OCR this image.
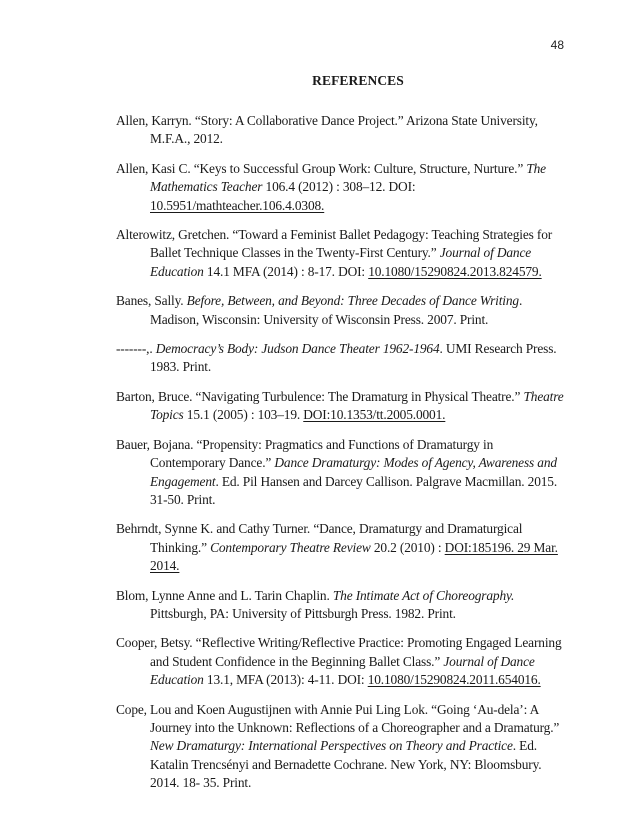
48
REFERENCES
Allen, Karryn. “Story: A Collaborative Dance Project.” Arizona State University, M.F.A., 2012.
Allen, Kasi C. “Keys to Successful Group Work: Culture, Structure, Nurture.” The Mathematics Teacher 106.4 (2012) : 308–12. DOI: 10.5951/mathteacher.106.4.0308.
Alterowitz, Gretchen. “Toward a Feminist Ballet Pedagogy: Teaching Strategies for Ballet Technique Classes in the Twenty-First Century.” Journal of Dance Education 14.1 MFA (2014) : 8-17. DOI: 10.1080/15290824.2013.824579.
Banes, Sally. Before, Between, and Beyond: Three Decades of Dance Writing. Madison, Wisconsin: University of Wisconsin Press. 2007. Print.
-------,. Democracy’s Body: Judson Dance Theater 1962-1964. UMI Research Press. 1983. Print.
Barton, Bruce. “Navigating Turbulence: The Dramaturg in Physical Theatre.” Theatre Topics 15.1 (2005) : 103–19. DOI:10.1353/tt.2005.0001.
Bauer, Bojana. “Propensity: Pragmatics and Functions of Dramaturgy in Contemporary Dance.” Dance Dramaturgy: Modes of Agency, Awareness and Engagement. Ed. Pil Hansen and Darcey Callison. Palgrave Macmillan. 2015. 31-50. Print.
Behrndt, Synne K. and Cathy Turner. “Dance, Dramaturgy and Dramaturgical Thinking.” Contemporary Theatre Review 20.2 (2010) : DOI:185196. 29 Mar. 2014.
Blom, Lynne Anne and L. Tarin Chaplin. The Intimate Act of Choreography. Pittsburgh, PA: University of Pittsburgh Press. 1982. Print.
Cooper, Betsy. “Reflective Writing/Reflective Practice: Promoting Engaged Learning and Student Confidence in the Beginning Ballet Class.” Journal of Dance Education 13.1, MFA (2013): 4-11. DOI: 10.1080/15290824.2011.654016.
Cope, Lou and Koen Augustijnen with Annie Pui Ling Lok. “Going ‘Au-dela’: A Journey into the Unknown: Reflections of a Choreographer and a Dramaturg.” New Dramaturgy: International Perspectives on Theory and Practice. Ed. Katalin Trencsényi and Bernadette Cochrane. New York, NY: Bloomsbury. 2014. 18- 35. Print.
